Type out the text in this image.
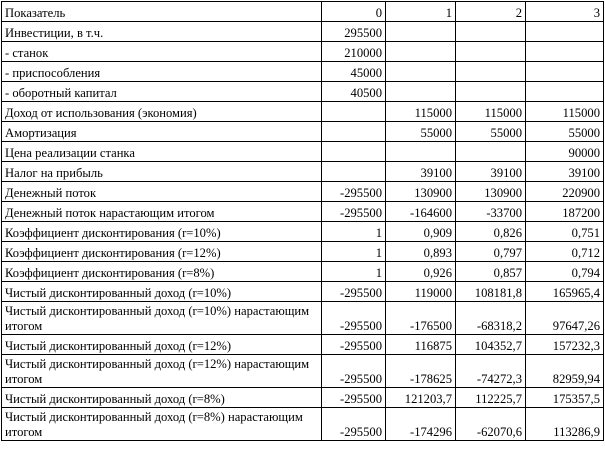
Показатель	0	1	2	3
Инвестиции, в т.ч.	295500			
- станок	210000			
- приспособления	45000			
- оборотный капитал	40500			
Доход от использования (экономия)		115000	115000	115000
Амортизация		55000	55000	55000
Цена реализации станка				90000
Налог на прибыль		39100	39100	39100
Денежный поток	-295500	130900	130900	220900
Денежный поток нарастающим итогом	-295500	-164600	-33700	187200
Коэффициент дисконтирования (r=10%)	1	0,909	0,826	0,751
Коэффициент дисконтирования (r=12%)	1	0,893	0,797	0,712
Коэффициент дисконтирования (r=8%)	1	0,926	0,857	0,794
Чистый дисконтированный доход (r=10%)	-295500	119000	108181,8	165965,4
Чистый дисконтированный доход (r=10%) нарастающим итогом	-295500	-176500	-68318,2	97647,26
Чистый дисконтированный доход (r=12%)	-295500	116875	104352,7	157232,3
Чистый дисконтированный доход (r=12%) нарастающим итогом	-295500	-178625	-74272,3	82959,94
Чистый дисконтированный доход (r=8%)	-295500	121203,7	112225,7	175357,5
Чистый дисконтированный доход (r=8%) нарастающим итогом	-295500	-174296	-62070,6	113286,9
